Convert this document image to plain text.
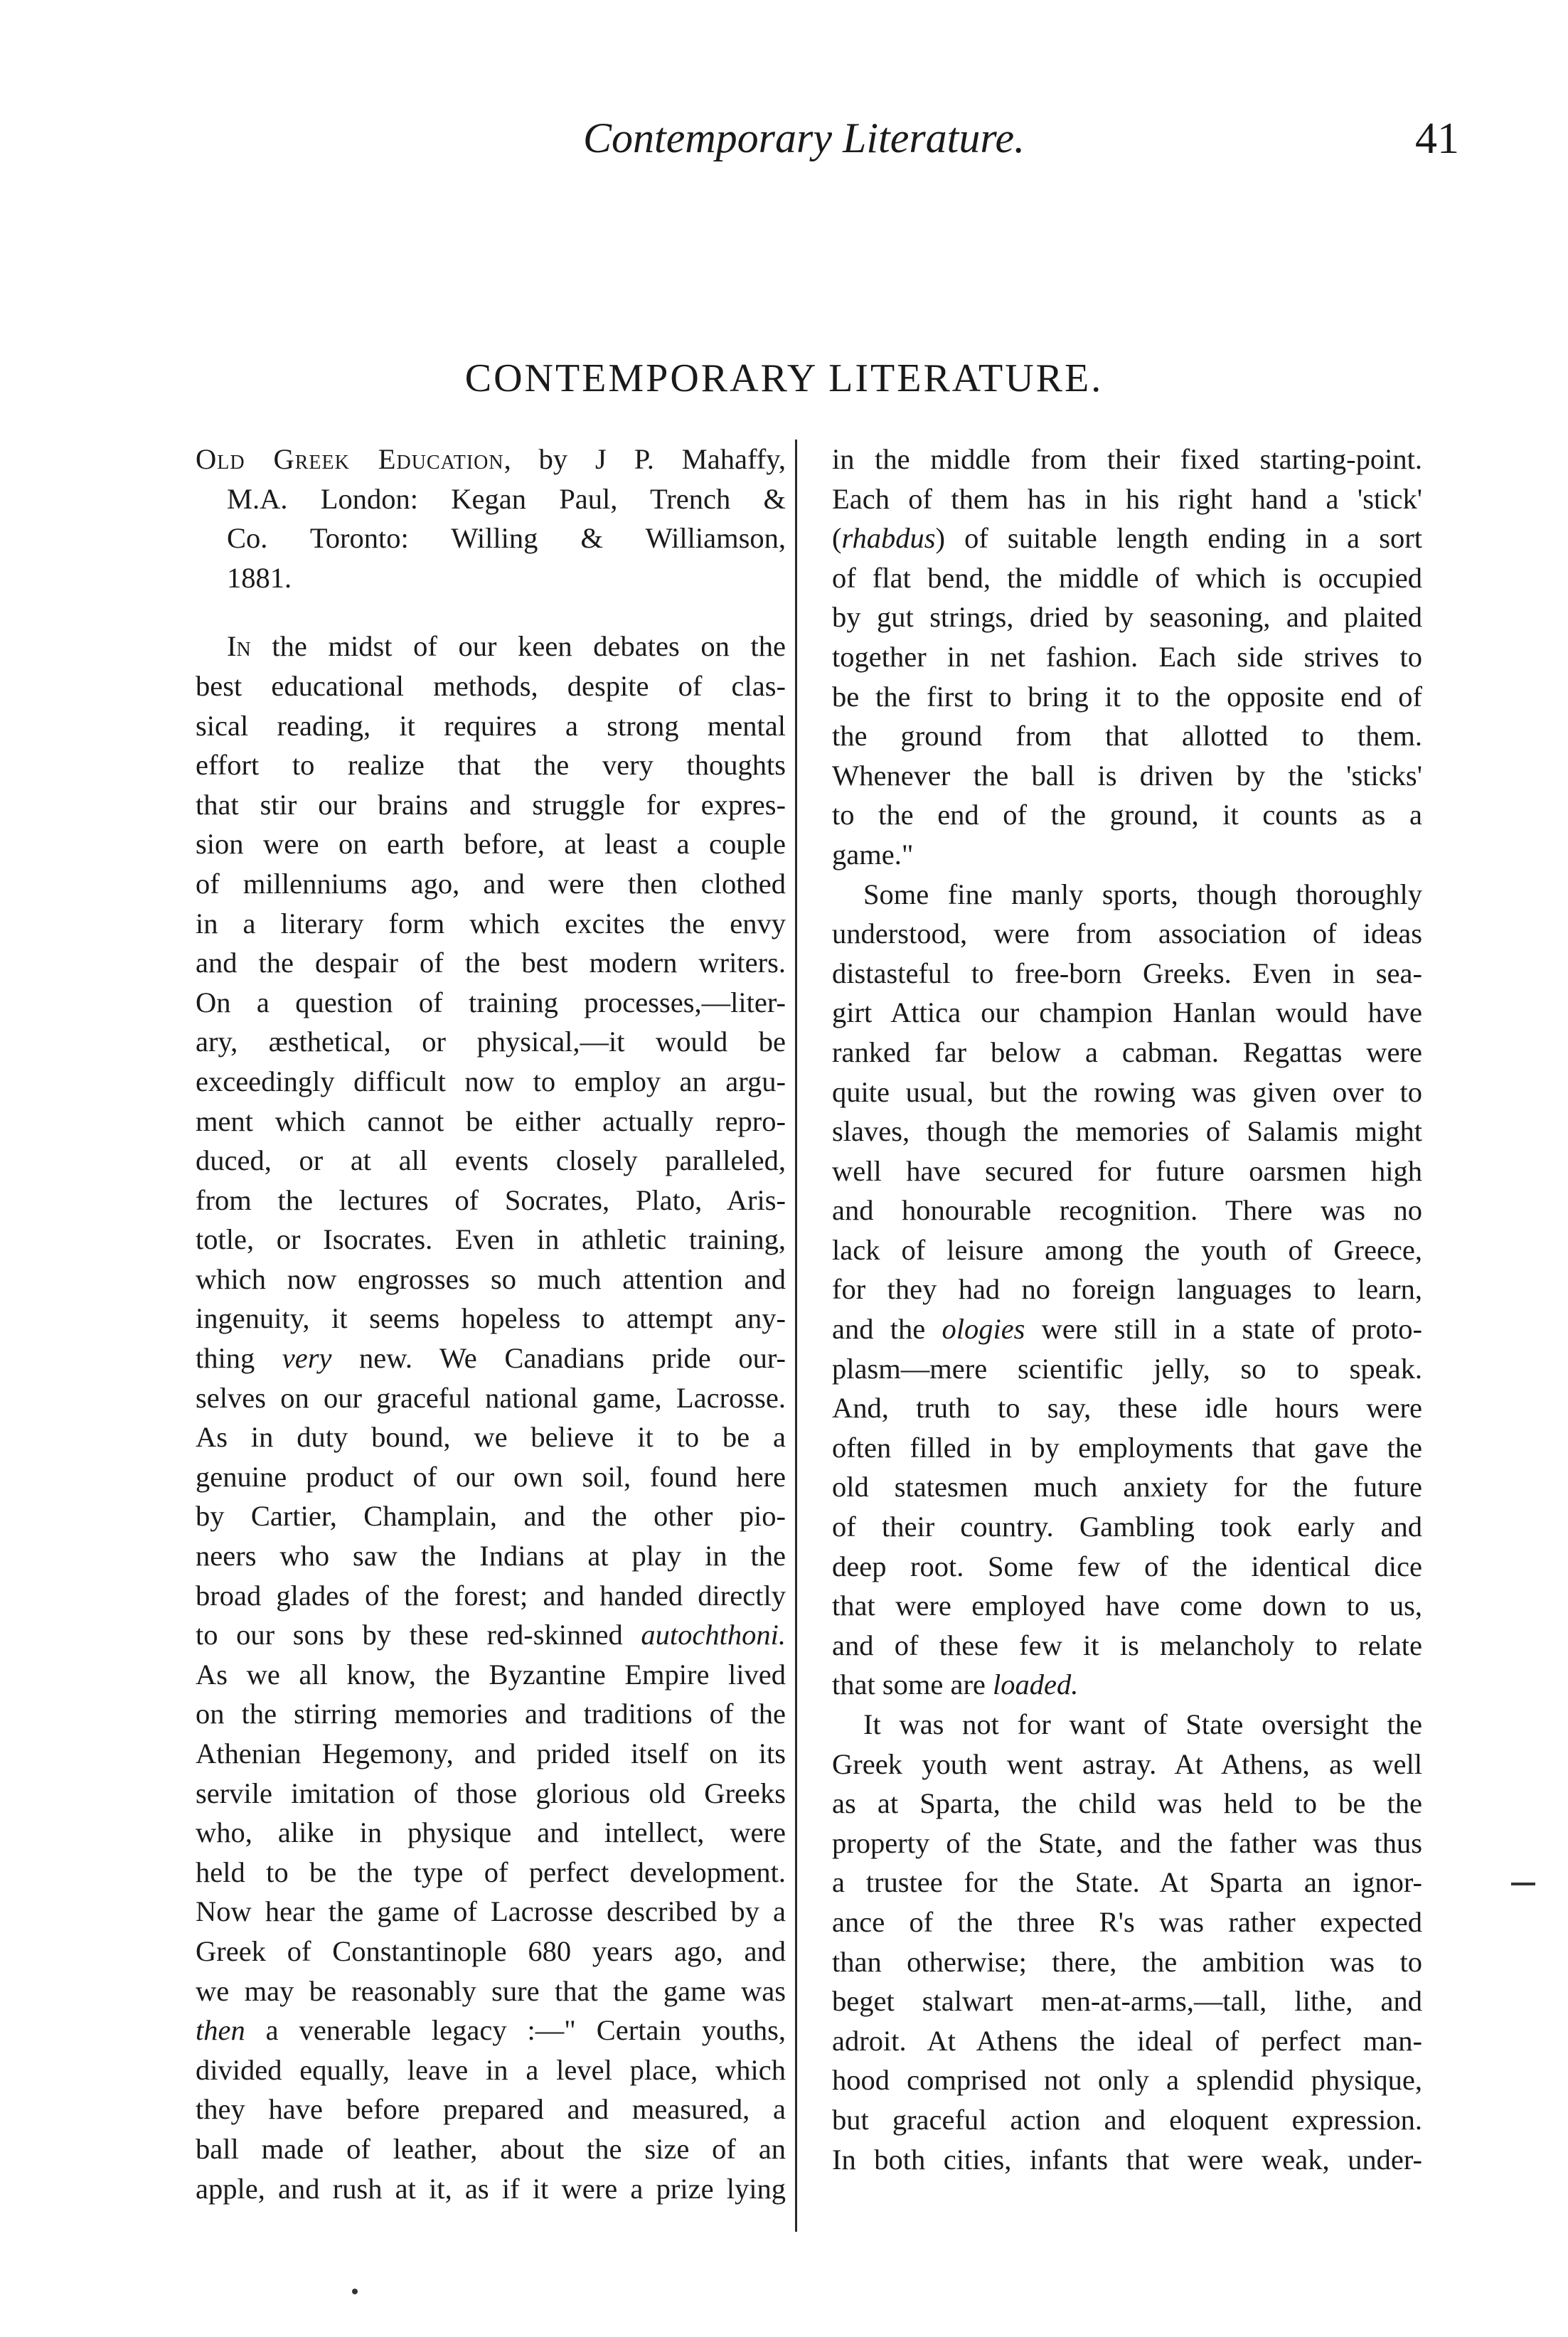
Contemporary Literature.	41
CONTEMPORARY LITERATURE.
Old Greek Education, by J P. Mahaffy,
M.A. London: Kegan Paul, Trench &
Co. Toronto: Willing & Williamson,
1881.
In the midst of our keen debates on the
best educational methods, despite of clas-
sical reading, it requires a strong mental
effort to realize that the very thoughts
that stir our brains and struggle for expres-
sion were on earth before, at least a couple
of millenniums ago, and were then clothed
in a literary form which excites the envy
and the despair of the best modern writers.
On a question of training processes,—liter-
ary, æsthetical, or physical,—it would be
exceedingly difficult now to employ an argu-
ment which cannot be either actually repro-
duced, or at all events closely paralleled,
from the lectures of Socrates, Plato, Aris-
totle, or Isocrates. Even in athletic training,
which now engrosses so much attention and
ingenuity, it seems hopeless to attempt any-
thing very new. We Canadians pride our-
selves on our graceful national game, Lacrosse.
As in duty bound, we believe it to be a
genuine product of our own soil, found here
by Cartier, Champlain, and the other pio-
neers who saw the Indians at play in the
broad glades of the forest; and handed directly
to our sons by these red-skinned autochthoni.
As we all know, the Byzantine Empire lived
on the stirring memories and traditions of the
Athenian Hegemony, and prided itself on its
servile imitation of those glorious old Greeks
who, alike in physique and intellect, were
held to be the type of perfect development.
Now hear the game of Lacrosse described by a
Greek of Constantinople 680 years ago, and
we may be reasonably sure that the game was
then a venerable legacy :—" Certain youths,
divided equally, leave in a level place, which
they have before prepared and measured, a
ball made of leather, about the size of an
apple, and rush at it, as if it were a prize lying
in the middle from their fixed starting-point.
Each of them has in his right hand a 'stick'
(rhabdus) of suitable length ending in a sort
of flat bend, the middle of which is occupied
by gut strings, dried by seasoning, and plaited
together in net fashion. Each side strives to
be the first to bring it to the opposite end of
the ground from that allotted to them.
Whenever the ball is driven by the 'sticks'
to the end of the ground, it counts as a
game."
Some fine manly sports, though thoroughly
understood, were from association of ideas
distasteful to free-born Greeks. Even in sea-
girt Attica our champion Hanlan would have
ranked far below a cabman. Regattas were
quite usual, but the rowing was given over to
slaves, though the memories of Salamis might
well have secured for future oarsmen high
and honourable recognition. There was no
lack of leisure among the youth of Greece,
for they had no foreign languages to learn,
and the ologies were still in a state of proto-
plasm—mere scientific jelly, so to speak.
And, truth to say, these idle hours were
often filled in by employments that gave the
old statesmen much anxiety for the future
of their country. Gambling took early and
deep root. Some few of the identical dice
that were employed have come down to us,
and of these few it is melancholy to relate
that some are loaded.
It was not for want of State oversight the
Greek youth went astray. At Athens, as well
as at Sparta, the child was held to be the
property of the State, and the father was thus
a trustee for the State. At Sparta an ignor-
ance of the three R's was rather expected
than otherwise; there, the ambition was to
beget stalwart men-at-arms,—tall, lithe, and
adroit. At Athens the ideal of perfect man-
hood comprised not only a splendid physique,
but graceful action and eloquent expression.
In both cities, infants that were weak, under-
